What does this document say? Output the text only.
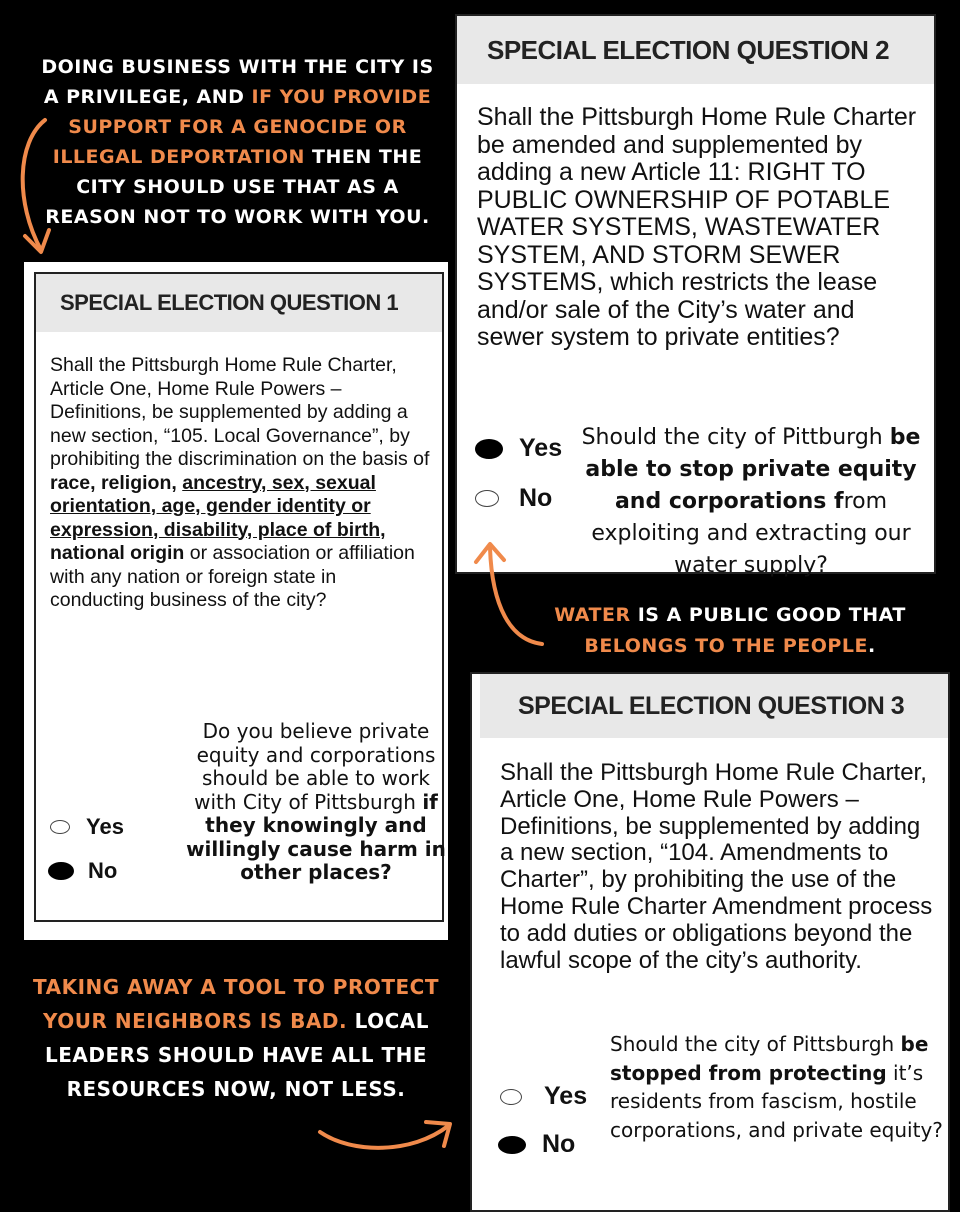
DOING BUSINESS WITH THE CITY IS A PRIVILEGE, AND IF YOU PROVIDE SUPPORT FOR A GENOCIDE OR ILLEGAL DEPORTATION THEN THE CITY SHOULD USE THAT AS A REASON NOT TO WORK WITH YOU.
SPECIAL ELECTION QUESTION 2
Shall the Pittsburgh Home Rule Charter be amended and supplemented by adding a new Article 11: RIGHT TO PUBLIC OWNERSHIP OF POTABLE WATER SYSTEMS, WASTEWATER SYSTEM, AND STORM SEWER SYSTEMS, which restricts the lease and/or sale of the City’s water and sewer system to private entities?
Yes
No
Should the city of Pittburgh be able to stop private equity and corporations from exploiting and extracting our water supply?
SPECIAL ELECTION QUESTION 1
Shall the Pittsburgh Home Rule Charter, Article One, Home Rule Powers – Definitions, be supplemented by adding a new section, “105. Local Governance”, by prohibiting the discrimination on the basis of race, religion, ancestry, sex, sexual orientation, age, gender identity or expression, disability, place of birth, national origin or association or affiliation with any nation or foreign state in conducting business of the city?
Yes
No
Do you believe private equity and corporations should be able to work with City of Pittsburgh if they knowingly and willingly cause harm in other places?
WATER IS A PUBLIC GOOD THAT BELONGS TO THE PEOPLE.
SPECIAL ELECTION QUESTION 3
Shall the Pittsburgh Home Rule Charter, Article One, Home Rule Powers – Definitions, be supplemented by adding a new section, “104. Amendments to Charter”, by prohibiting the use of the Home Rule Charter Amendment process to add duties or obligations beyond the lawful scope of the city’s authority.
Yes
No
Should the city of Pittsburgh be stopped from protecting it’s residents from fascism, hostile corporations, and private equity?
TAKING AWAY A TOOL TO PROTECT YOUR NEIGHBORS IS BAD. LOCAL LEADERS SHOULD HAVE ALL THE RESOURCES NOW, NOT LESS.
